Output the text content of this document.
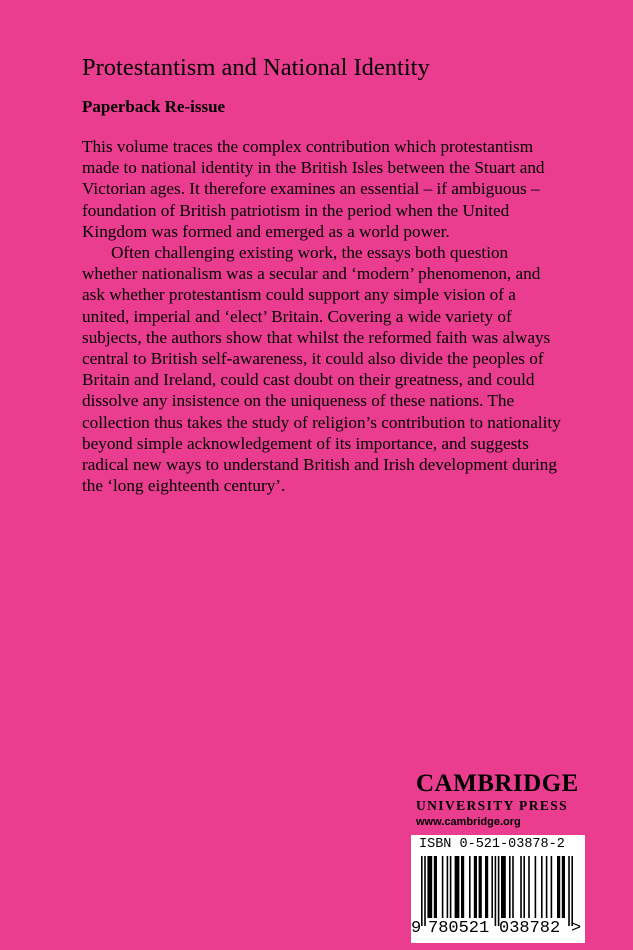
Protestantism and National Identity
Paperback Re-issue

This volume traces the complex contribution which protestantism made to national identity in the British Isles between the Stuart and Victorian ages. It therefore examines an essential – if ambiguous – foundation of British patriotism in the period when the United Kingdom was formed and emerged as a world power.

Often challenging existing work, the essays both question whether nationalism was a secular and ‘modern’ phenomenon, and ask whether protestantism could support any simple vision of a united, imperial and ‘elect’ Britain. Covering a wide variety of subjects, the authors show that whilst the reformed faith was always central to British self-awareness, it could also divide the peoples of Britain and Ireland, could cast doubt on their greatness, and could dissolve any insistence on the uniqueness of these nations. The collection thus takes the study of religion’s contribution to nationality beyond simple acknowledgement of its importance, and suggests radical new ways to understand British and Irish development during the ‘long eighteenth century’.

CAMBRIDGE
UNIVERSITY PRESS
www.cambridge.org
ISBN 0-521-03878-2
9 780521 038782 >
